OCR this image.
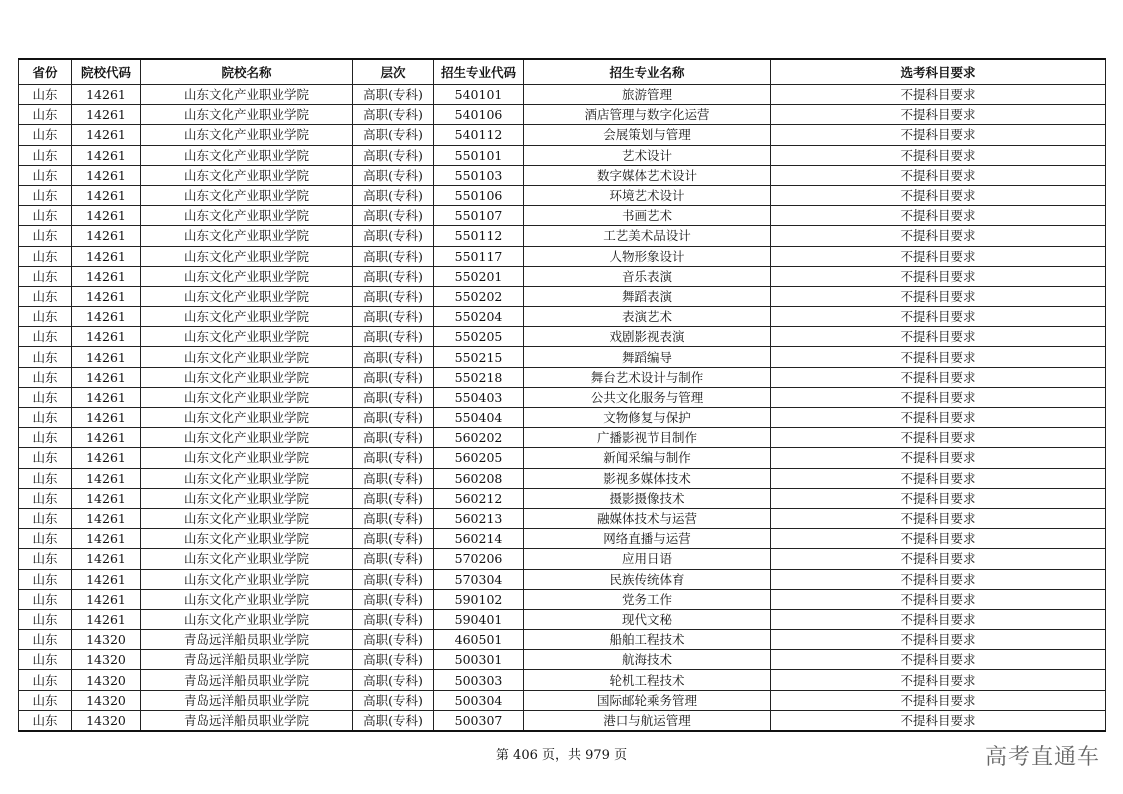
省份	院校代码	院校名称	层次	招生专业代码	招生专业名称	选考科目要求
山东	14261	山东文化产业职业学院	高职(专科)	540101	旅游管理	不提科目要求
山东	14261	山东文化产业职业学院	高职(专科)	540106	酒店管理与数字化运营	不提科目要求
山东	14261	山东文化产业职业学院	高职(专科)	540112	会展策划与管理	不提科目要求
山东	14261	山东文化产业职业学院	高职(专科)	550101	艺术设计	不提科目要求
山东	14261	山东文化产业职业学院	高职(专科)	550103	数字媒体艺术设计	不提科目要求
山东	14261	山东文化产业职业学院	高职(专科)	550106	环境艺术设计	不提科目要求
山东	14261	山东文化产业职业学院	高职(专科)	550107	书画艺术	不提科目要求
山东	14261	山东文化产业职业学院	高职(专科)	550112	工艺美术品设计	不提科目要求
山东	14261	山东文化产业职业学院	高职(专科)	550117	人物形象设计	不提科目要求
山东	14261	山东文化产业职业学院	高职(专科)	550201	音乐表演	不提科目要求
山东	14261	山东文化产业职业学院	高职(专科)	550202	舞蹈表演	不提科目要求
山东	14261	山东文化产业职业学院	高职(专科)	550204	表演艺术	不提科目要求
山东	14261	山东文化产业职业学院	高职(专科)	550205	戏剧影视表演	不提科目要求
山东	14261	山东文化产业职业学院	高职(专科)	550215	舞蹈编导	不提科目要求
山东	14261	山东文化产业职业学院	高职(专科)	550218	舞台艺术设计与制作	不提科目要求
山东	14261	山东文化产业职业学院	高职(专科)	550403	公共文化服务与管理	不提科目要求
山东	14261	山东文化产业职业学院	高职(专科)	550404	文物修复与保护	不提科目要求
山东	14261	山东文化产业职业学院	高职(专科)	560202	广播影视节目制作	不提科目要求
山东	14261	山东文化产业职业学院	高职(专科)	560205	新闻采编与制作	不提科目要求
山东	14261	山东文化产业职业学院	高职(专科)	560208	影视多媒体技术	不提科目要求
山东	14261	山东文化产业职业学院	高职(专科)	560212	摄影摄像技术	不提科目要求
山东	14261	山东文化产业职业学院	高职(专科)	560213	融媒体技术与运营	不提科目要求
山东	14261	山东文化产业职业学院	高职(专科)	560214	网络直播与运营	不提科目要求
山东	14261	山东文化产业职业学院	高职(专科)	570206	应用日语	不提科目要求
山东	14261	山东文化产业职业学院	高职(专科)	570304	民族传统体育	不提科目要求
山东	14261	山东文化产业职业学院	高职(专科)	590102	党务工作	不提科目要求
山东	14261	山东文化产业职业学院	高职(专科)	590401	现代文秘	不提科目要求
山东	14320	青岛远洋船员职业学院	高职(专科)	460501	船舶工程技术	不提科目要求
山东	14320	青岛远洋船员职业学院	高职(专科)	500301	航海技术	不提科目要求
山东	14320	青岛远洋船员职业学院	高职(专科)	500303	轮机工程技术	不提科目要求
山东	14320	青岛远洋船员职业学院	高职(专科)	500304	国际邮轮乘务管理	不提科目要求
山东	14320	青岛远洋船员职业学院	高职(专科)	500307	港口与航运管理	不提科目要求
第 406 页，共 979 页	高考直通车
